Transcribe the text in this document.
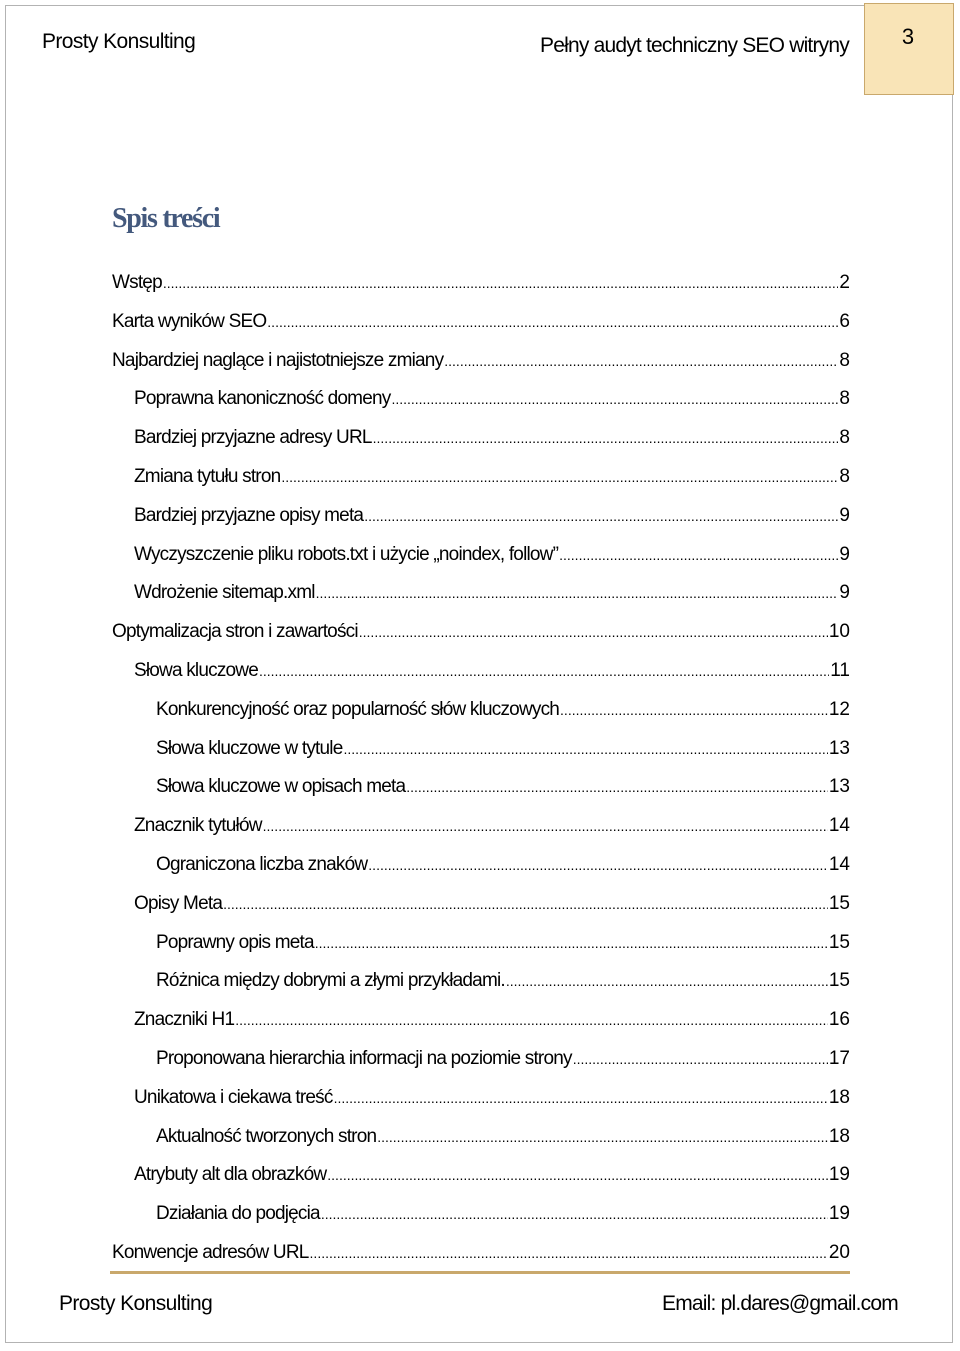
Prosty Konsulting	Pełny audyt techniczny SEO witryny 3
Spis treści
Wstęp .....	2
Karta wyników SEO .....	6
Najbardziej naglące i najistotniejsze zmiany .....	8
Poprawna kanoniczność domeny .....	8
Bardziej przyjazne adresy URL .....	8
Zmiana tytułu stron .....	8
Bardziej przyjazne opisy meta .....	9
Wyczyszczenie pliku robots.txt i użycie „noindex, follow” .....	9
Wdrożenie sitemap.xml .....	9
Optymalizacja stron i zawartości .....	10
Słowa kluczowe .....	11
Konkurencyjność oraz popularność słów kluczowych .....	12
Słowa kluczowe w tytule .....	13
Słowa kluczowe w opisach meta .....	13
Znacznik tytułów .....	14
Ograniczona liczba znaków .....	14
Opisy Meta .....	15
Poprawny opis meta .....	15
Różnica między dobrymi a złymi przykładami. .....	15
Znaczniki H1 .....	16
Proponowana hierarchia informacji na poziomie strony .....	17
Unikatowa i ciekawa treść .....	18
Aktualność tworzonych stron .....	18
Atrybuty alt dla obrazków .....	19
Działania do podjęcia .....	19
Konwencje adresów URL .....	20
Prosty Konsulting	Email: pl.dares@gmail.com
